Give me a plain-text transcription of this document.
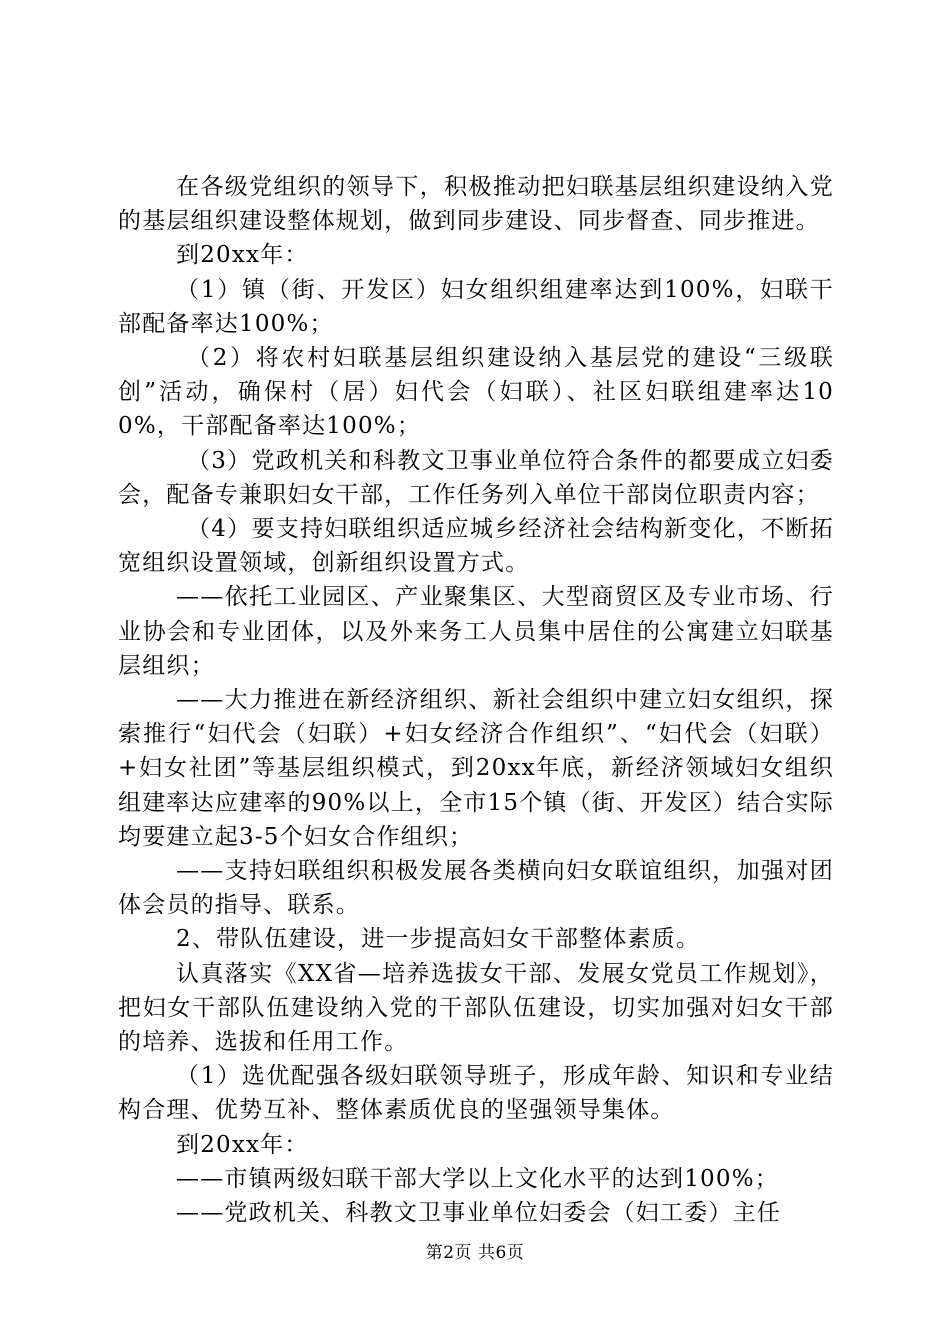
在各级党组织的领导下，积极推动把妇联基层组织建设纳入党的基层组织建设整体规划，做到同步建设、同步督查、同步推进。

到20xx年：

（1）镇（街、开发区）妇女组织组建率达到100%，妇联干部配备率达100%；

（2）将农村妇联基层组织建设纳入基层党的建设“三级联创”活动，确保村（居）妇代会（妇联）、社区妇联组建率达100%，干部配备率达100%；

（3）党政机关和科教文卫事业单位符合条件的都要成立妇委会，配备专兼职妇女干部，工作任务列入单位干部岗位职责内容；

（4）要支持妇联组织适应城乡经济社会结构新变化，不断拓宽组织设置领域，创新组织设置方式。

——依托工业园区、产业聚集区、大型商贸区及专业市场、行业协会和专业团体，以及外来务工人员集中居住的公寓建立妇联基层组织；

——大力推进在新经济组织、新社会组织中建立妇女组织，探索推行“妇代会（妇联）+妇女经济合作组织”、“妇代会（妇联）+妇女社团”等基层组织模式，到20xx年底，新经济领域妇女组织组建率达应建率的90%以上，全市15个镇（街、开发区）结合实际均要建立起3-5个妇女合作组织；

——支持妇联组织积极发展各类横向妇女联谊组织，加强对团体会员的指导、联系。

2、带队伍建设，进一步提高妇女干部整体素质。

认真落实《XX省—培养选拔女干部、发展女党员工作规划》，把妇女干部队伍建设纳入党的干部队伍建设，切实加强对妇女干部的培养、选拔和任用工作。

（1）选优配强各级妇联领导班子，形成年龄、知识和专业结构合理、优势互补、整体素质优良的坚强领导集体。

到20xx年：

——市镇两级妇联干部大学以上文化水平的达到100%；

——党政机关、科教文卫事业单位妇委会（妇工委）主任

第2页 共6页
